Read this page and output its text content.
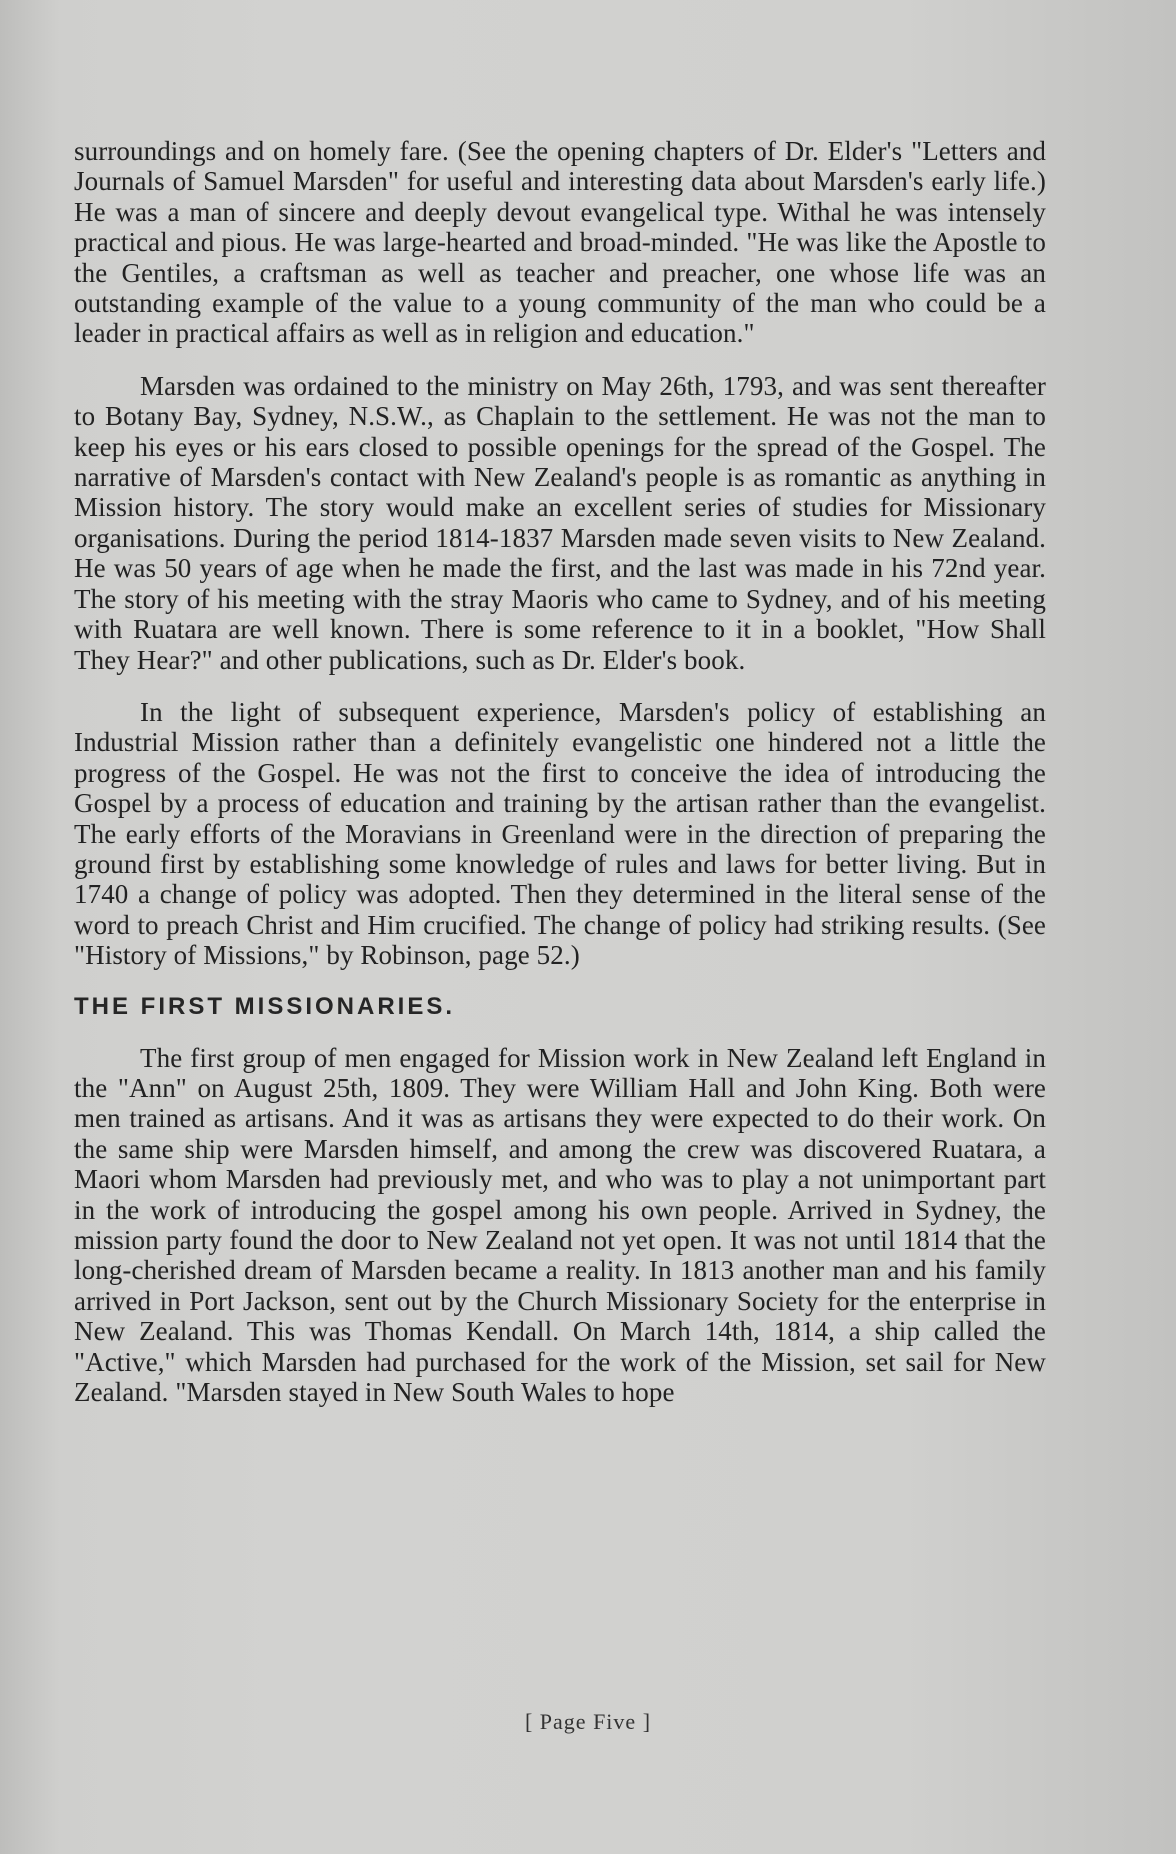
surroundings and on homely fare. (See the opening chapters of Dr. Elder's "Letters and Journals of Samuel Marsden" for useful and interesting data about Marsden's early life.) He was a man of sincere and deeply devout evangelical type. Withal he was intensely practical and pious. He was large-hearted and broad-minded. "He was like the Apostle to the Gentiles, a craftsman as well as teacher and preacher, one whose life was an outstanding example of the value to a young community of the man who could be a leader in practical affairs as well as in religion and education."

Marsden was ordained to the ministry on May 26th, 1793, and was sent thereafter to Botany Bay, Sydney, N.S.W., as Chaplain to the settlement. He was not the man to keep his eyes or his ears closed to possible openings for the spread of the Gospel. The narrative of Marsden's contact with New Zealand's people is as romantic as anything in Mission history. The story would make an excellent series of studies for Missionary organisations. During the period 1814-1837 Marsden made seven visits to New Zealand. He was 50 years of age when he made the first, and the last was made in his 72nd year. The story of his meeting with the stray Maoris who came to Sydney, and of his meeting with Ruatara are well known. There is some reference to it in a booklet, "How Shall They Hear?" and other publications, such as Dr. Elder's book.

In the light of subsequent experience, Marsden's policy of establishing an Industrial Mission rather than a definitely evangelistic one hindered not a little the progress of the Gospel. He was not the first to conceive the idea of introducing the Gospel by a process of education and training by the artisan rather than the evangelist. The early efforts of the Moravians in Greenland were in the direction of preparing the ground first by establishing some knowledge of rules and laws for better living. But in 1740 a change of policy was adopted. Then they determined in the literal sense of the word to preach Christ and Him crucified. The change of policy had striking results. (See "History of Missions," by Robinson, page 52.)

THE FIRST MISSIONARIES.

The first group of men engaged for Mission work in New Zealand left England in the "Ann" on August 25th, 1809. They were William Hall and John King. Both were men trained as artisans. And it was as artisans they were expected to do their work. On the same ship were Marsden himself, and among the crew was discovered Ruatara, a Maori whom Marsden had previously met, and who was to play a not unimportant part in the work of introducing the gospel among his own people. Arrived in Sydney, the mission party found the door to New Zealand not yet open. It was not until 1814 that the long-cherished dream of Marsden became a reality. In 1813 another man and his family arrived in Port Jackson, sent out by the Church Missionary Society for the enterprise in New Zealand. This was Thomas Kendall. On March 14th, 1814, a ship called the "Active," which Marsden had purchased for the work of the Mission, set sail for New Zealand. "Marsden stayed in New South Wales to hope

[ Page Five ]
